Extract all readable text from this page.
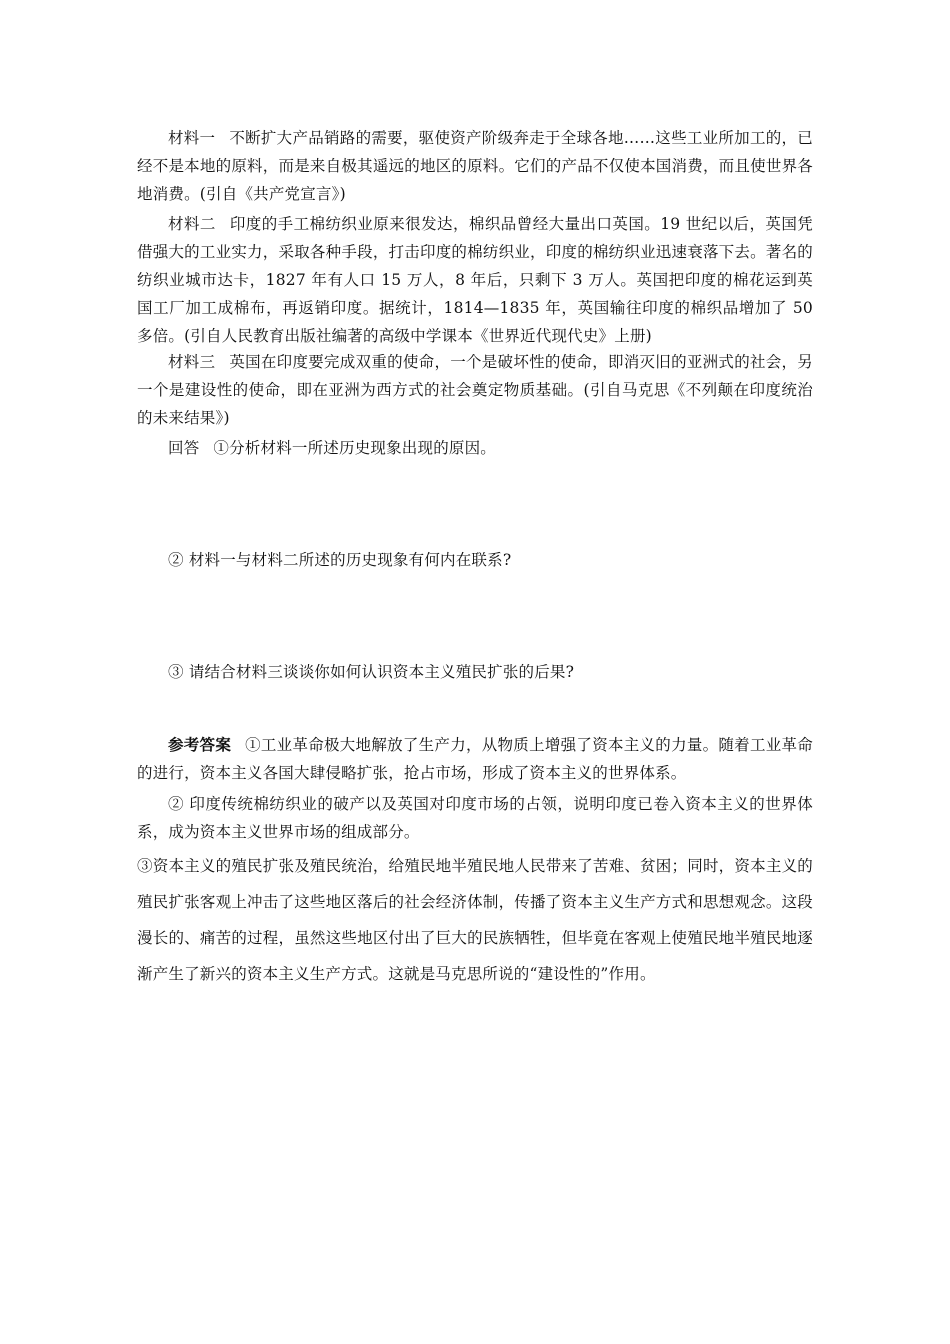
材料一 不断扩大产品销路的需要，驱使资产阶级奔走于全球各地……这些工业所加工的，已经不是本地的原料，而是来自极其遥远的地区的原料。它们的产品不仅使本国消费，而且使世界各地消费。(引自《共产党宣言》)

材料二 印度的手工棉纺织业原来很发达，棉织品曾经大量出口英国。19 世纪以后，英国凭借强大的工业实力，采取各种手段，打击印度的棉纺织业，印度的棉纺织业迅速衰落下去。著名的纺织业城市达卡，1827 年有人口 15 万人，8 年后，只剩下 3 万人。英国把印度的棉花运到英国工厂加工成棉布，再返销印度。据统计，1814—1835 年，英国输往印度的棉织品增加了 50 多倍。(引自人民教育出版社编著的高级中学课本《世界近代现代史》上册)

材料三 英国在印度要完成双重的使命，一个是破坏性的使命，即消灭旧的亚洲式的社会，另一个是建设性的使命，即在亚洲为西方式的社会奠定物质基础。(引自马克思《不列颠在印度统治的未来结果》)

回答 ①分析材料一所述历史现象出现的原因。

② 材料一与材料二所述的历史现象有何内在联系?

③ 请结合材料三谈谈你如何认识资本主义殖民扩张的后果?

参考答案 ①工业革命极大地解放了生产力，从物质上增强了资本主义的力量。随着工业革命的进行，资本主义各国大肆侵略扩张，抢占市场，形成了资本主义的世界体系。

② 印度传统棉纺织业的破产以及英国对印度市场的占领，说明印度已卷入资本主义的世界体系，成为资本主义世界市场的组成部分。

③资本主义的殖民扩张及殖民统治，给殖民地半殖民地人民带来了苦难、贫困；同时，资本主义的殖民扩张客观上冲击了这些地区落后的社会经济体制，传播了资本主义生产方式和思想观念。这段漫长的、痛苦的过程，虽然这些地区付出了巨大的民族牺牲，但毕竟在客观上使殖民地半殖民地逐渐产生了新兴的资本主义生产方式。这就是马克思所说的“建设性的”作用。
